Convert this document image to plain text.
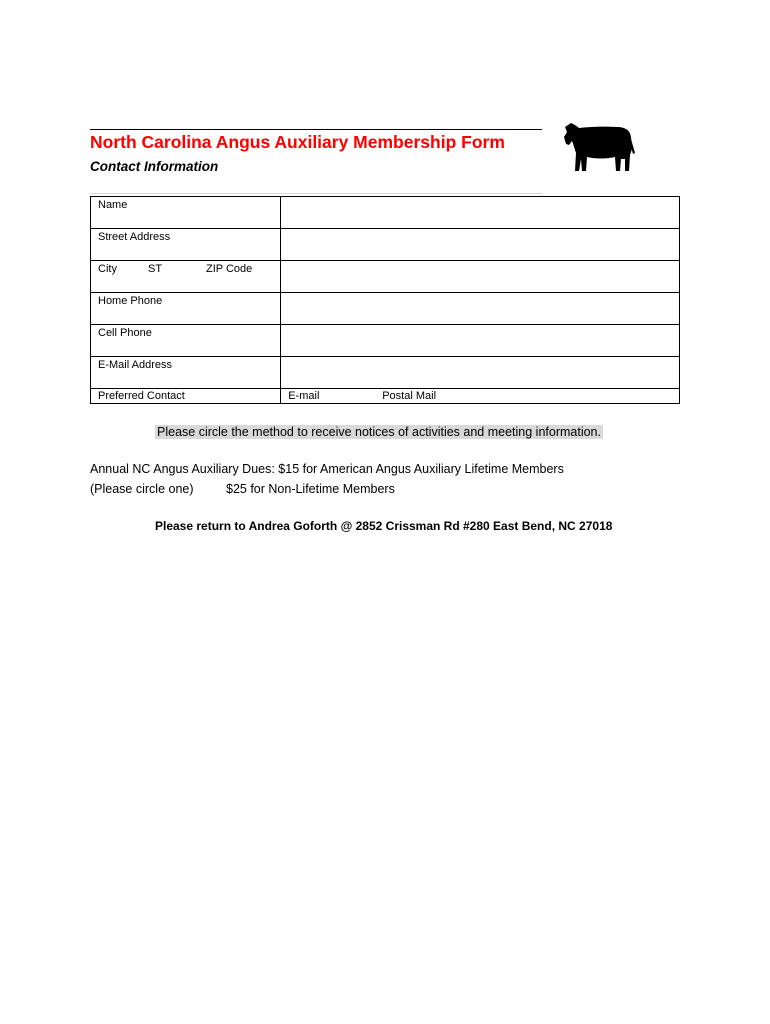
North Carolina Angus Auxiliary Membership Form
Contact Information
Name	
Street Address	

City ST ZIP Code	

Home Phone	
Cell Phone	
E-Mail Address	
Preferred Contact	E-mail Postal Mail
Please circle the method to receive notices of activities and meeting information.
Annual NC Angus Auxiliary Dues: $15 for American Angus Auxiliary Lifetime Members
(Please circle one)	$25 for Non-Lifetime Members
Please return to Andrea Goforth @ 2852 Crissman Rd #280 East Bend, NC 27018
